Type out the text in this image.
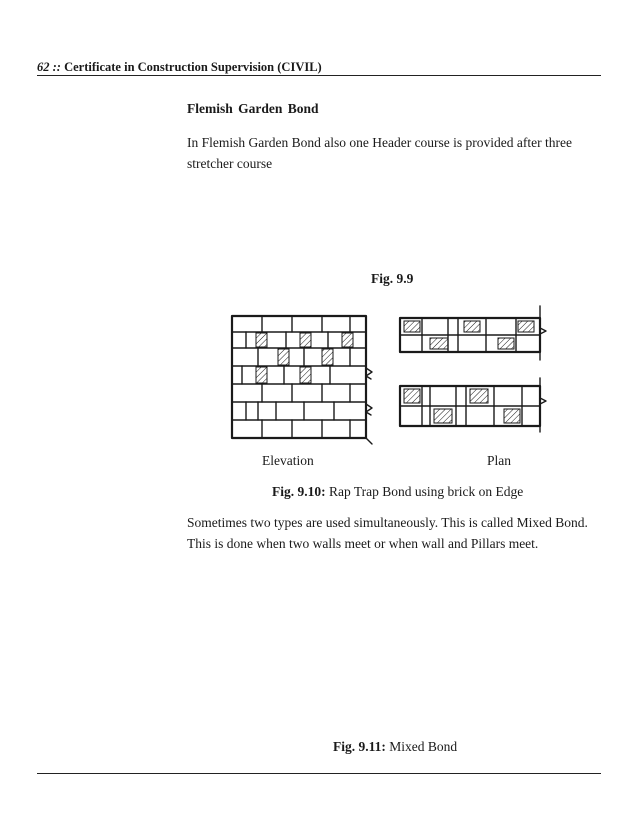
62 :: Certificate in Construction Supervision (CIVIL)
Flemish Garden Bond
In Flemish Garden Bond also one Header course is provided after three stretcher course
Fig. 9.9
Elevation	Plan
Fig. 9.10: Rap Trap Bond using brick on Edge
Sometimes two types are used simultaneously. This is called Mixed Bond. This is done when two walls meet or when wall and Pillars meet.
Fig. 9.11: Mixed Bond
